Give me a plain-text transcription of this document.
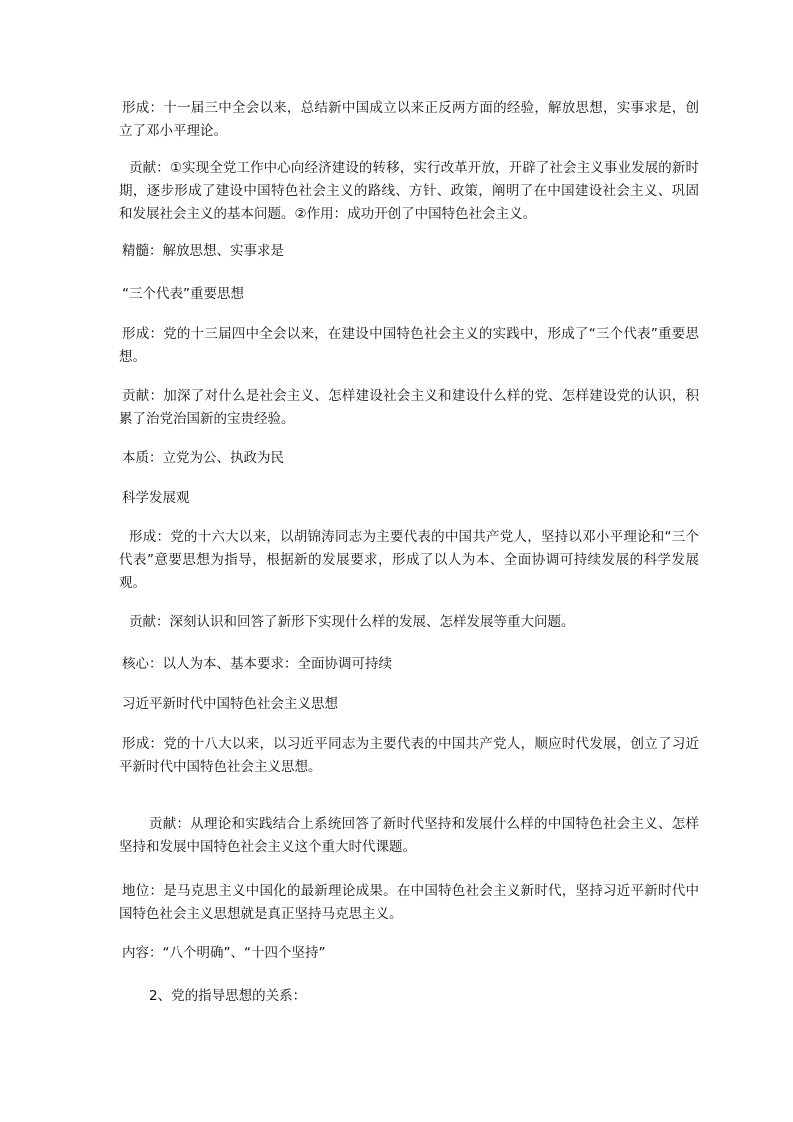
形成：十一届三中全会以来，总结新中国成立以来正反两方面的经验，解放思想，实事求是，创立了邓小平理论。

贡献：①实现全党工作中心向经济建设的转移，实行改革开放，开辟了社会主义事业发展的新时期，逐步形成了建设中国特色社会主义的路线、方针、政策，阐明了在中国建设社会主义、巩固和发展社会主义的基本问题。②作用：成功开创了中国特色社会主义。

精髓：解放思想、实事求是

“三个代表”重要思想

形成：党的十三届四中全会以来，在建设中国特色社会主义的实践中，形成了“三个代表”重要思想。

贡献：加深了对什么是社会主义、怎样建设社会主义和建设什么样的党、怎样建设党的认识，积累了治党治国新的宝贵经验。

本质：立党为公、执政为民

科学发展观

形成：党的十六大以来，以胡锦涛同志为主要代表的中国共产党人，坚持以邓小平理论和“三个代表”意要思想为指导，根据新的发展要求，形成了以人为本、全面协调可持续发展的科学发展观。

贡献：深刻认识和回答了新形下实现什么样的发展、怎样发展等重大问题。

核心：以人为本、基本要求：全面协调可持续

习近平新时代中国特色社会主义思想

形成：党的十八大以来，以习近平同志为主要代表的中国共产党人，顺应时代发展，创立了习近平新时代中国特色社会主义思想。

贡献：从理论和实践结合上系统回答了新时代坚持和发展什么样的中国特色社会主义、怎样坚持和发展中国特色社会主义这个重大时代课题。

地位：是马克思主义中国化的最新理论成果。在中国特色社会主义新时代，坚持习近平新时代中国特色社会主义思想就是真正坚持马克思主义。

内容：“八个明确”、“十四个坚持”

2、党的指导思想的关系：
